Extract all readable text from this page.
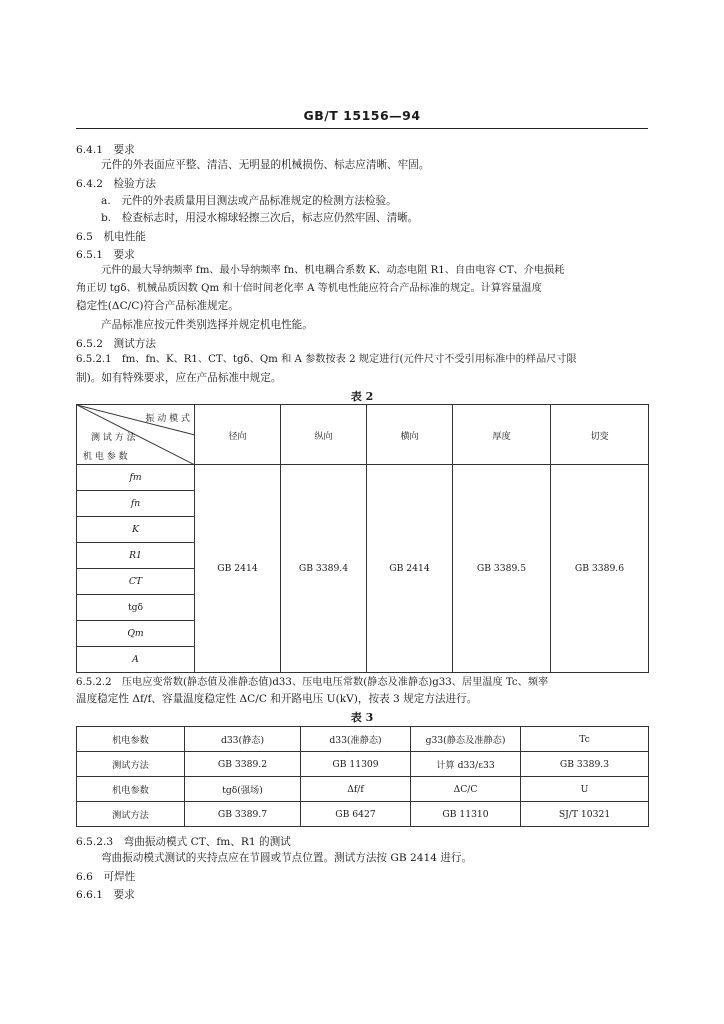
GB/T 15156—94
6.4.1　要求
元件的外表面应平整、清洁、无明显的机械损伤、标志应清晰、牢固。
6.4.2　检验方法
a.　元件的外表质量用目测法或产品标准规定的检测方法检验。
b.　检查标志时，用浸水棉球轻擦三次后，标志应仍然牢固、清晰。
6.5　机电性能
6.5.1　要求
元件的最大导纳频率 fm、最小导纳频率 fn、机电耦合系数 K、动态电阻 R1、自由电容 CT、介电损耗
角正切 tgδ、机械品质因数 Qm 和十倍时间老化率 A 等机电性能应符合产品标准的规定。计算容量温度
稳定性(ΔC/C)符合产品标准规定。
产品标准应按元件类别选择并规定机电性能。
6.5.2　测试方法
6.5.2.1　fm、fn、K、R1、CT、tgδ、Qm 和 A 参数按表 2 规定进行(元件尺寸不受引用标准中的样品尺寸限
制)。如有特殊要求，应在产品标准中规定。
表 2
振 动 模 式
测 试 方 法
机 电 参 数	径向	纵向	横向	厚度	切变
fm	GB 2414	GB 3389.4	GB 2414	GB 3389.5	GB 3389.6
fn					
K					
R1					
CT					
tgδ					
Qm					
A					
6.5.2.2　压电应变常数(静态值及准静态值)d33、压电电压常数(静态及准静态)g33、居里温度 Tc、频率
温度稳定性 Δf/f、容量温度稳定性 ΔC/C 和开路电压 U(kV)，按表 3 规定方法进行。
表 3
机电参数	d33(静态)	d33(准静态)	g33(静态及准静态)	Tc
测试方法	GB 3389.2	GB 11309	计算 d33/ε33	GB 3389.3
机电参数	tgδ(强场)	Δf/f	ΔC/C	U
测试方法	GB 3389.7	GB 6427	GB 11310	SJ/T 10321
6.5.2.3　弯曲振动模式 CT、fm、R1 的测试
弯曲振动模式测试的夹持点应在节圆或节点位置。测试方法按 GB 2414 进行。
6.6　可焊性
6.6.1　要求
